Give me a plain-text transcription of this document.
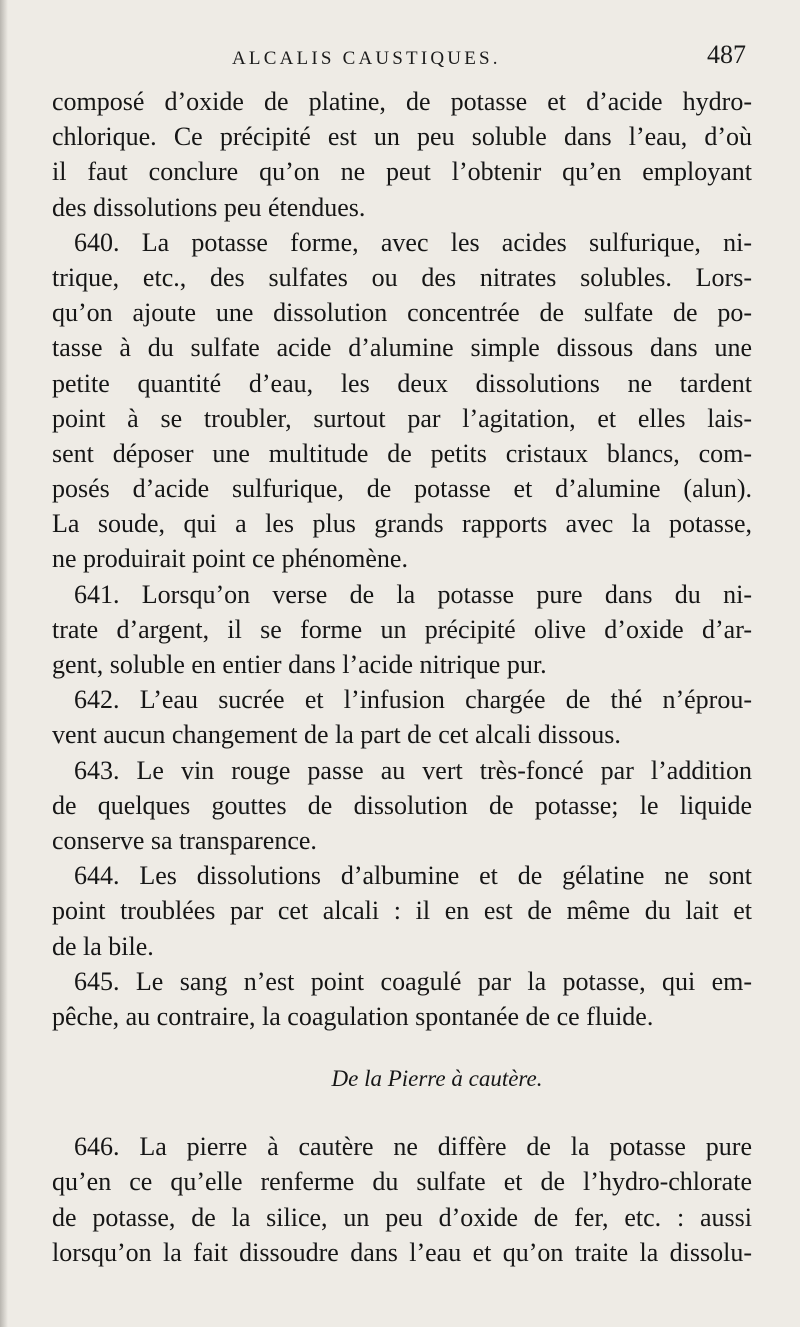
ALCALIS CAUSTIQUES.	487
composé d’oxide de platine, de potasse et d’acide hydro-
chlorique. Ce précipité est un peu soluble dans l’eau, d’où
il faut conclure qu’on ne peut l’obtenir qu’en employant
des dissolutions peu étendues.
640. La potasse forme, avec les acides sulfurique, ni-
trique, etc., des sulfates ou des nitrates solubles. Lors-
qu’on ajoute une dissolution concentrée de sulfate de po-
tasse à du sulfate acide d’alumine simple dissous dans une
petite quantité d’eau, les deux dissolutions ne tardent
point à se troubler, surtout par l’agitation, et elles lais-
sent déposer une multitude de petits cristaux blancs, com-
posés d’acide sulfurique, de potasse et d’alumine (alun).
La soude, qui a les plus grands rapports avec la potasse,
ne produirait point ce phénomène.
641. Lorsqu’on verse de la potasse pure dans du ni-
trate d’argent, il se forme un précipité olive d’oxide d’ar-
gent, soluble en entier dans l’acide nitrique pur.
642. L’eau sucrée et l’infusion chargée de thé n’éprou-
vent aucun changement de la part de cet alcali dissous.
643. Le vin rouge passe au vert très-foncé par l’addition
de quelques gouttes de dissolution de potasse; le liquide
conserve sa transparence.
644. Les dissolutions d’albumine et de gélatine ne sont
point troublées par cet alcali : il en est de même du lait et
de la bile.
645. Le sang n’est point coagulé par la potasse, qui em-
pêche, au contraire, la coagulation spontanée de ce fluide.
De la Pierre à cautère.
646. La pierre à cautère ne diffère de la potasse pure
qu’en ce qu’elle renferme du sulfate et de l’hydro-chlorate
de potasse, de la silice, un peu d’oxide de fer, etc. : aussi
lorsqu’on la fait dissoudre dans l’eau et qu’on traite la dissolu-
